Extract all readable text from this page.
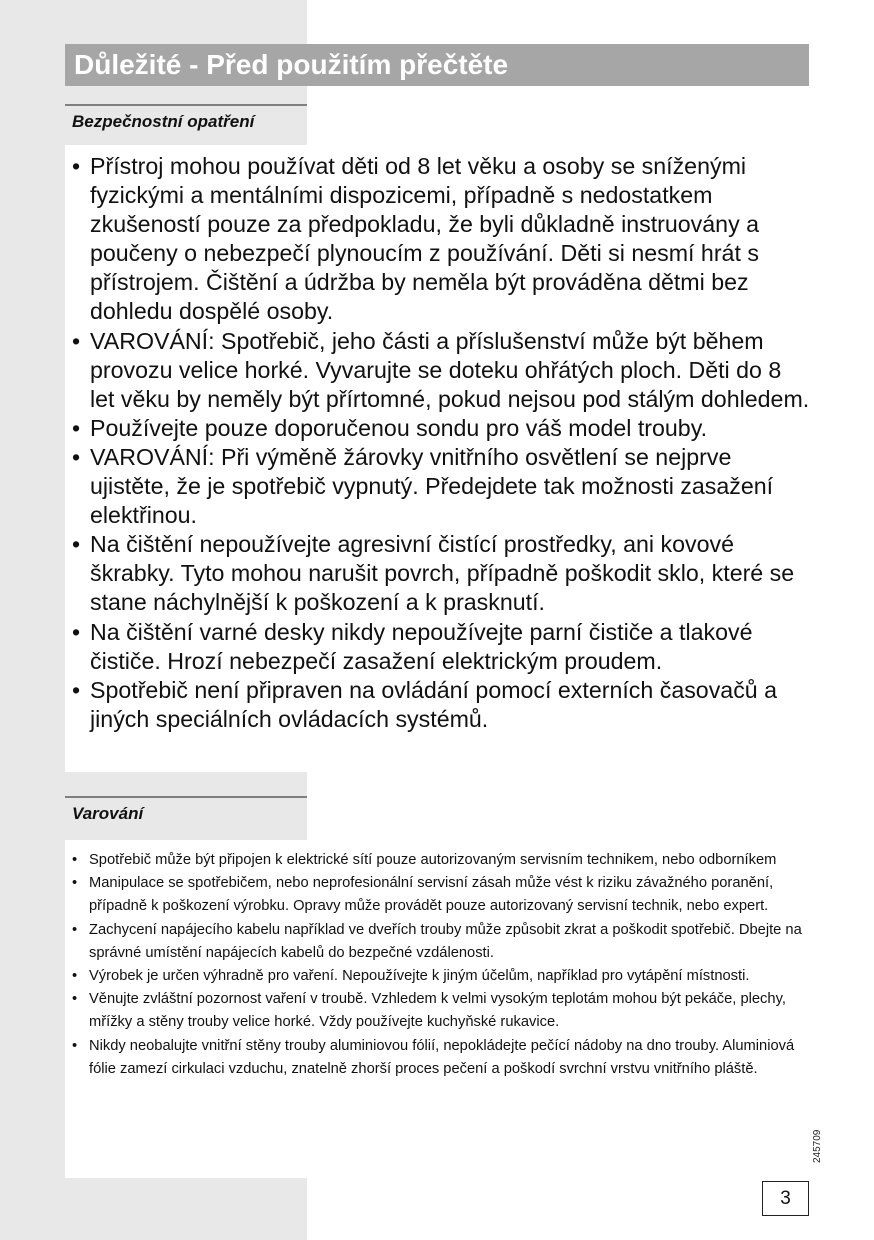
Důležité - Před použitím přečtěte
Bezpečnostní opatření
• Přístroj mohou používat děti od 8 let věku a osoby se sníženými fyzickými a mentálními dispozicemi, případně s nedostatkem zkušeností pouze za předpokladu, že byli důkladně instruovány a poučeny o nebezpečí plynoucím z používání. Děti si nesmí hrát s přístrojem. Čištění a údržba by neměla být prováděna dětmi bez dohledu dospělé osoby.
• VAROVÁNÍ: Spotřebič, jeho části a příslušenství může být během provozu velice horké. Vyvarujte se doteku ohřátých ploch. Děti do 8 let věku by neměly být přírtomné, pokud nejsou pod stálým dohledem.
• Používejte pouze doporučenou sondu pro váš model trouby.
• VAROVÁNÍ: Při výměně žárovky vnitřního osvětlení se nejprve ujistěte, že je spotřebič vypnutý. Předejdete tak možnosti zasažení elektřinou.
• Na čištění nepoužívejte agresivní čistící prostředky, ani kovové škrabky. Tyto mohou narušit povrch, případně poškodit sklo, které se stane náchylnější k poškození a k prasknutí.
• Na čištění varné desky nikdy nepoužívejte parní čističe a tlakové čističe. Hrozí nebezpečí zasažení elektrickým proudem.
• Spotřebič není připraven na ovládání pomocí externích časovačů a jiných speciálních ovládacích systémů.
Varování
• Spotřebič může být připojen k elektrické sítí pouze autorizovaným servisním technikem, nebo odborníkem
• Manipulace se spotřebičem, nebo neprofesionální servisní zásah může vést k riziku závažného poranění, případně k poškození výrobku. Opravy může provádět pouze autorizovaný servisní technik, nebo expert.
• Zachycení napájecího kabelu například ve dveřích trouby může způsobit zkrat a poškodit spotřebič. Dbejte na správné umístění napájecích kabelů do bezpečné vzdálenosti.
• Výrobek je určen výhradně pro vaření. Nepoužívejte k jiným účelům, například pro vytápění místnosti.
• Věnujte zvláštní pozornost vaření v troubě. Vzhledem k velmi vysokým teplotám mohou být pekáče, plechy, mřížky a stěny trouby velice horké. Vždy používejte kuchyňské rukavice.
• Nikdy neobalujte vnitřní stěny trouby aluminiovou fólií, nepokládejte pečící nádoby na dno trouby. Aluminiová fólie zamezí cirkulaci vzduchu, znatelně zhorší proces pečení a poškodí svrchní vrstvu vnitřního pláště.
245709
3
